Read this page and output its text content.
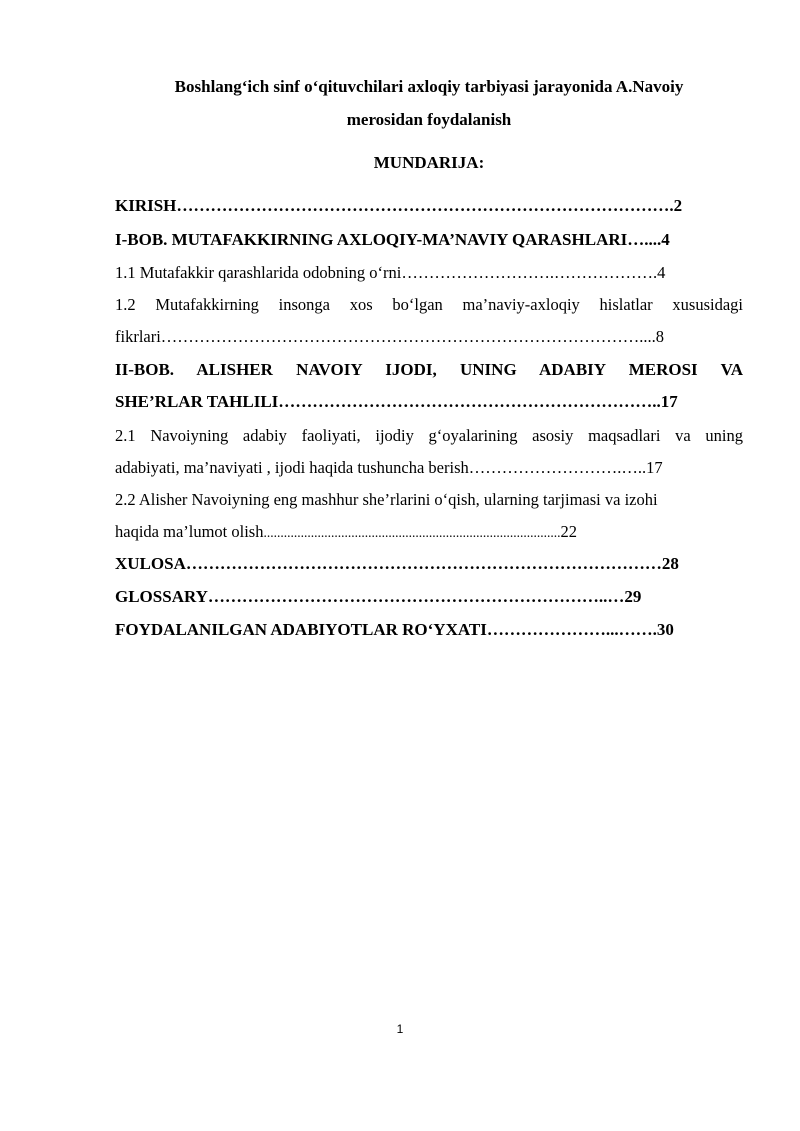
Boshlang‘ich sinf o‘qituvchilari axloqiy tarbiyasi jarayonida A.Navoiy
merosidan foydalanish
MUNDARIJA:
KIRISH…………………………………………………………………………….2
I-BOB. MUTAFAKKIRNING AXLOQIY-MA’NAVIY QARASHLARI…....4
1.1 Mutafakkir qarashlarida odobning o‘rni……………………….……………….4
1.2 Mutafakkirning insonga xos bo‘lgan ma’naviy-axloqiy hislatlar xususidagi
fikrlari……………………………………………………………………………....8
II-BOB. ALISHER NAVOIY IJODI, UNING ADABIY MEROSI VA
SHE’RLAR TAHLILI…………………………………………………………..17
2.1 Navoiyning adabiy faoliyati, ijodiy g‘oyalarining asosiy maqsadlari va uning
adabiyati, ma’naviyati , ijodi haqida tushuncha berish……………………….…..17
2.2 Alisher Navoiyning eng mashhur she’rlarini o‘qish, ularning tarjimasi va izohi
haqida ma’lumot olish........................................................................................22
XULOSA…………………………………………………………………………28
GLOSSARY……………………………………………………………..…29
FOYDALANILGAN ADABIYOTLAR RO‘YXATI…………………...…….30
1
